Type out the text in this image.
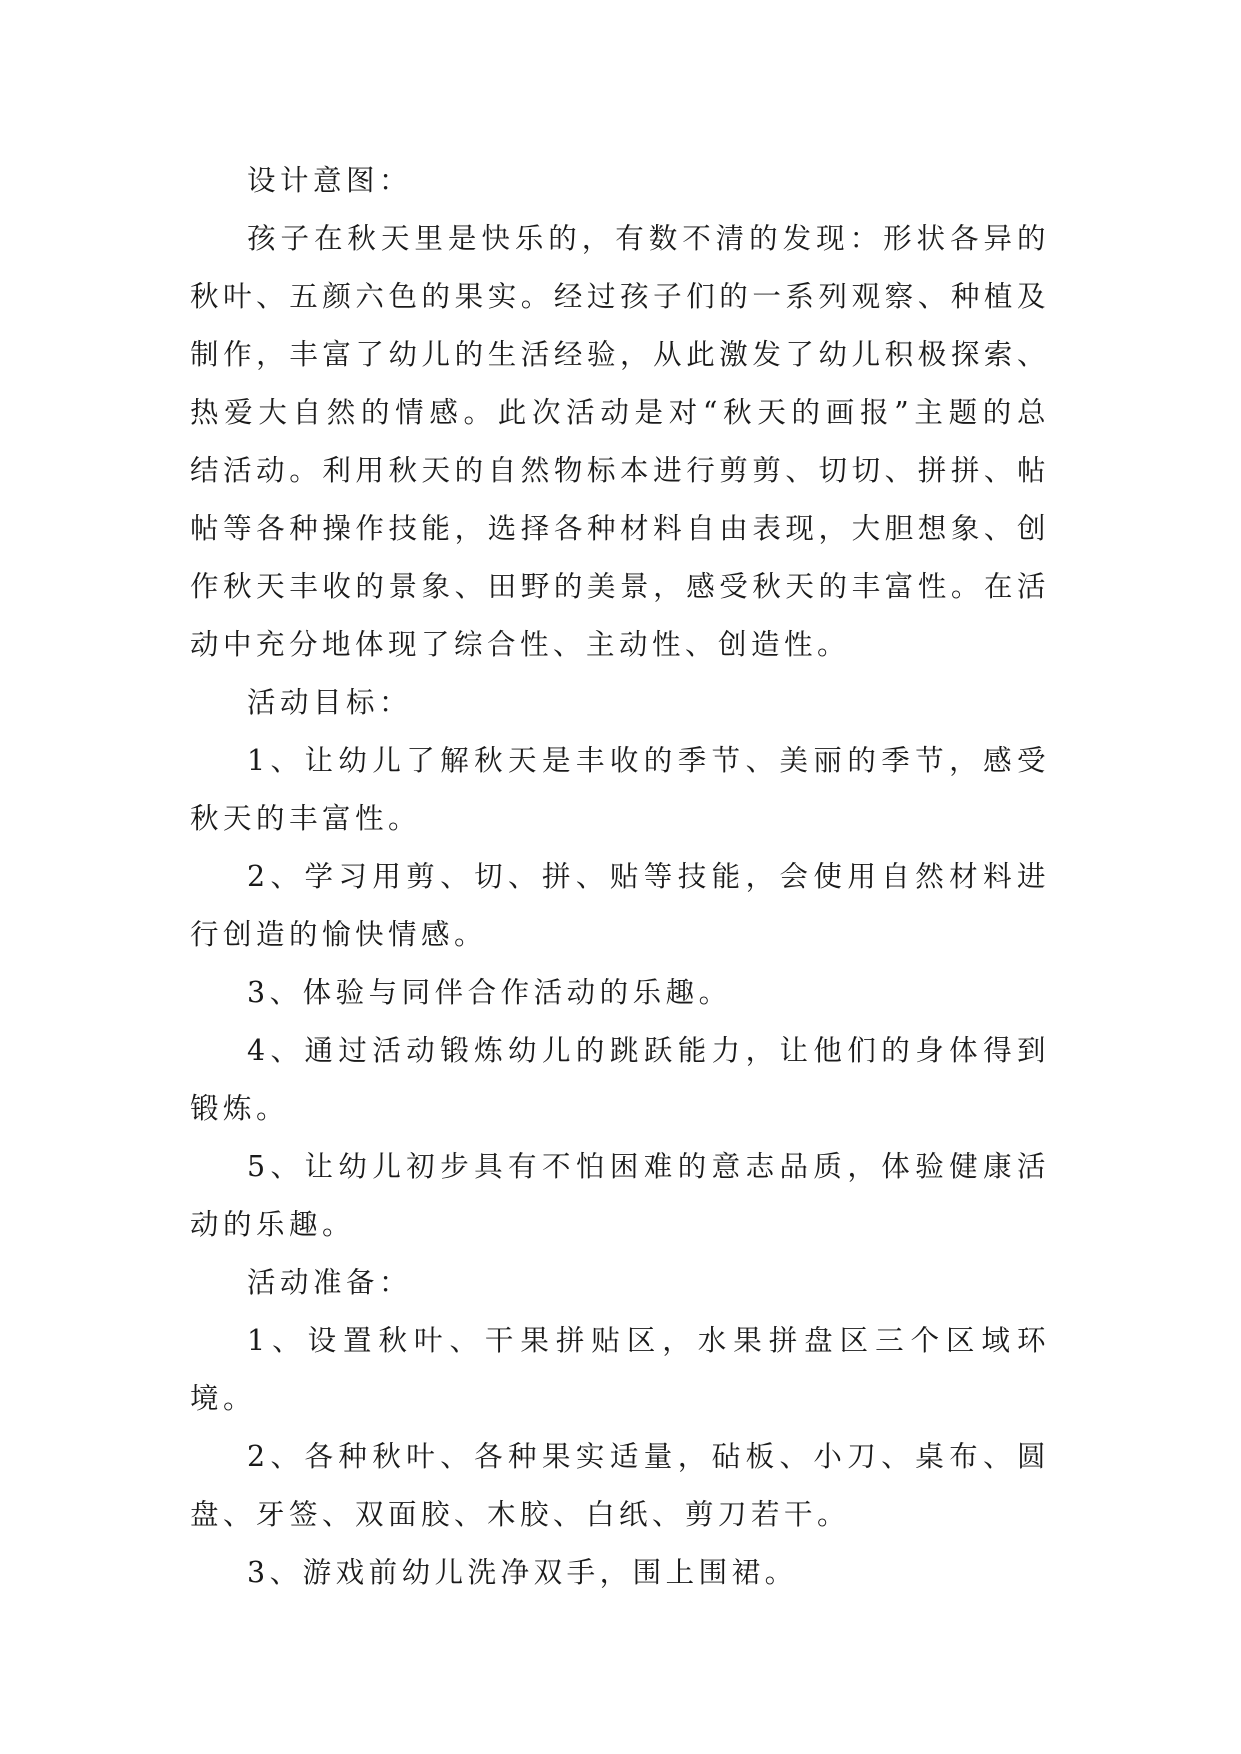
设计意图：

孩子在秋天里是快乐的，有数不清的发现：形状各异的秋叶、五颜六色的果实。经过孩子们的一系列观察、种植及制作，丰富了幼儿的生活经验，从此激发了幼儿积极探索、热爱大自然的情感。此次活动是对“秋天的画报”主题的总结活动。利用秋天的自然物标本进行剪剪、切切、拼拼、帖帖等各种操作技能，选择各种材料自由表现，大胆想象、创作秋天丰收的景象、田野的美景，感受秋天的丰富性。在活动中充分地体现了综合性、主动性、创造性。

活动目标：

1、让幼儿了解秋天是丰收的季节、美丽的季节，感受秋天的丰富性。

2、学习用剪、切、拼、贴等技能，会使用自然材料进行创造的愉快情感。

3、体验与同伴合作活动的乐趣。

4、通过活动锻炼幼儿的跳跃能力，让他们的身体得到锻炼。

5、让幼儿初步具有不怕困难的意志品质，体验健康活动的乐趣。

活动准备：

1、设置秋叶、干果拼贴区，水果拼盘区三个区域环境。

2、各种秋叶、各种果实适量，砧板、小刀、桌布、圆盘、牙签、双面胶、木胶、白纸、剪刀若干。

3、游戏前幼儿洗净双手，围上围裙。
